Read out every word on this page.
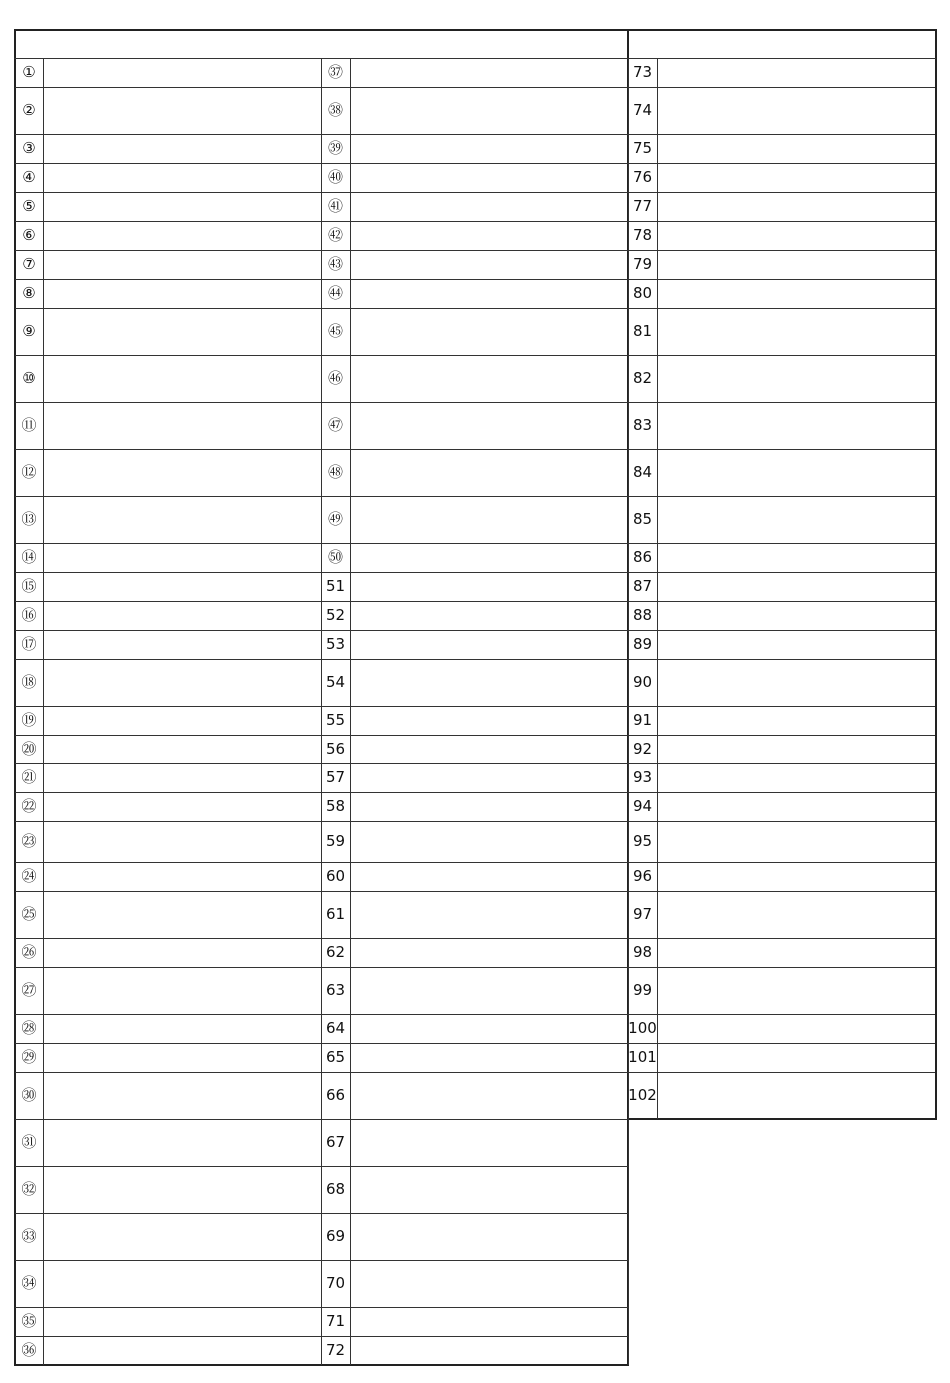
①
②
③
④
⑤
⑥
⑦
⑧
⑨
⑩
⑪
⑫
⑬
⑭
⑮
⑯
⑰
⑱
⑲
⑳
㉑
㉒
㉓
㉔
㉕
㉖
㉗
㉘
㉙
㉚
㉛
㉜
㉝
㉞
㉟
㊱
㊲
㊳
㊴
㊵
㊶
㊷
㊸
㊹
㊺
㊻
㊼
㊽
㊾
㊿
51
52
53
54
55
56
57
58
59
60
61
62
63
64
65
66
67
68
69
70
71
72
73
74
75
76
77
78
79
80
81
82
83
84
85
86
87
88
89
90
91
92
93
94
95
96
97
98
99
100
101
102
